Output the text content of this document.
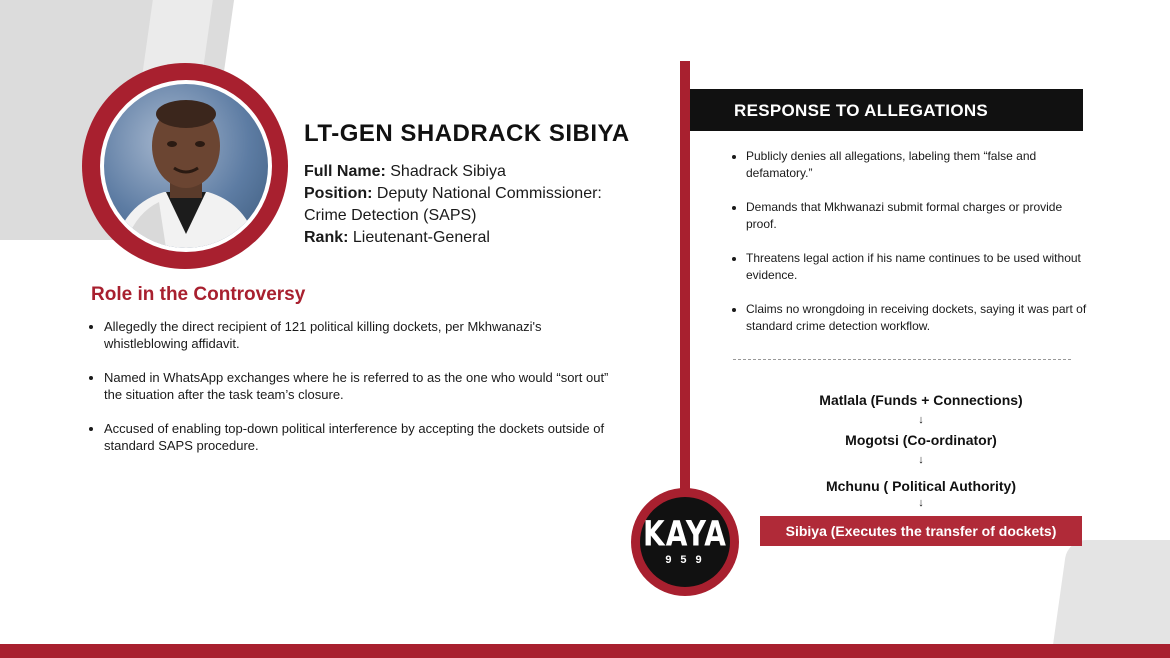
LT-GEN SHADRACK SIBIYA
Full Name: Shadrack Sibiya
Position: Deputy National Commissioner: Crime Detection (SAPS)
Rank: Lieutenant-General
Role in the Controversy
• Allegedly the direct recipient of 121 political killing dockets, per Mkhwanazi's whistleblowing affidavit.
• Named in WhatsApp exchanges where he is referred to as the one who would “sort out” the situation after the task team’s closure.
• Accused of enabling top-down political interference by accepting the dockets outside of standard SAPS procedure.
KAYA
959
RESPONSE TO ALLEGATIONS
• Publicly denies all allegations, labeling them “false and defamatory.”
• Demands that Mkhwanazi submit formal charges or provide proof.
• Threatens legal action if his name continues to be used without evidence.
• Claims no wrongdoing in receiving dockets, saying it was part of standard crime detection workflow.
Matlala (Funds + Connections)
↓
Mogotsi (Co-ordinator)
↓
Mchunu ( Political Authority)
↓
Sibiya (Executes the transfer of dockets)
